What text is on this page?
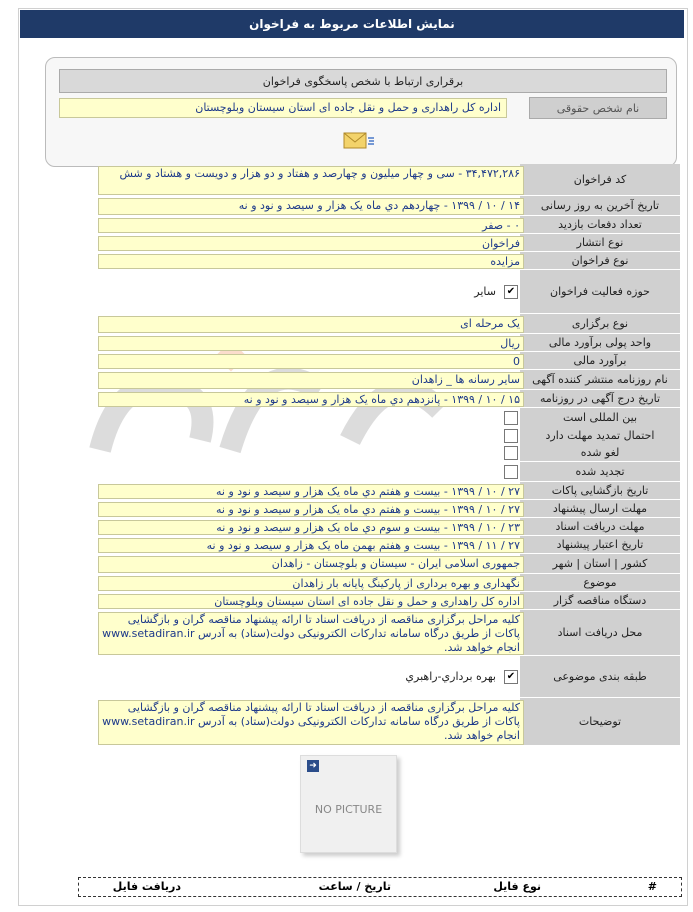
نمایش اطلاعات مربوط به فراخوان
برقراری ارتباط با شخص پاسخگوی فراخوان
نام شخص حقوقی
اداره کل راهداری و حمل و نقل جاده ای استان سیستان وبلوچستان
کد فراخوان
۳۴,۴۷۲,۲۸۶ - سی و چهار میلیون و چهارصد و هفتاد و دو هزار و دویست و هشتاد و شش
تاریخ آخرین به روز رسانی
۱۴ / ۱۰ / ۱۳۹۹ - چهاردهم دي ماه یک هزار و سیصد و نود و نه
تعداد دفعات بازدید
۰ - صفر
نوع انتشار
فراخوان
نوع فراخوان
مزایده
حوزه فعالیت فراخوان
✔
سایر
نوع برگزاری
یک مرحله ای
واحد پولی برآورد مالی
ریال
برآورد مالی
0
نام روزنامه منتشر کننده آگهی
سایر رسانه ها _ زاهدان
تاریخ درج آگهی در روزنامه
۱۵ / ۱۰ / ۱۳۹۹ - پانزدهم دي ماه یک هزار و سیصد و نود و نه
بین المللی است
احتمال تمدید مهلت دارد
لغو شده
تجدید شده
تاریخ بازگشایی پاکات
۲۷ / ۱۰ / ۱۳۹۹ - بیست و هفتم دي ماه یک هزار و سیصد و نود و نه
مهلت ارسال پیشنهاد
۲۷ / ۱۰ / ۱۳۹۹ - بیست و هفتم دي ماه یک هزار و سیصد و نود و نه
مهلت دریافت اسناد
۲۳ / ۱۰ / ۱۳۹۹ - بیست و سوم دي ماه یک هزار و سیصد و نود و نه
تاریخ اعتبار پیشنهاد
۲۷ / ۱۱ / ۱۳۹۹ - بیست و هفتم بهمن ماه یک هزار و سیصد و نود و نه
کشور | استان | شهر
جمهوری اسلامی ایران - سیستان و بلوچستان - زاهدان
موضوع
نگهداری و بهره برداری از پارکینگ پایانه بار زاهدان
دستگاه مناقصه گزار
اداره کل راهداری و حمل و نقل جاده ای استان سیستان وبلوچستان
محل دریافت اسناد
کلیه مراحل برگزاری مناقصه از دریافت اسناد تا ارائه پیشنهاد مناقصه گران و بازگشایی پاکات از طریق درگاه سامانه تدارکات الکترونیکی دولت(ستاد) به آدرس www.setadiran.ir انجام خواهد شد.
طبقه بندی موضوعی
✔
بهره برداري-راهبري
توضیحات
کلیه مراحل برگزاری مناقصه از دریافت اسناد تا ارائه پیشنهاد مناقصه گران و بازگشایی پاکات از طریق درگاه سامانه تدارکات الکترونیکی دولت(ستاد) به آدرس www.setadiran.ir انجام خواهد شد.
➜
NO PICTURE
#
نوع فایل
تاریخ / ساعت
دریافت فایل
